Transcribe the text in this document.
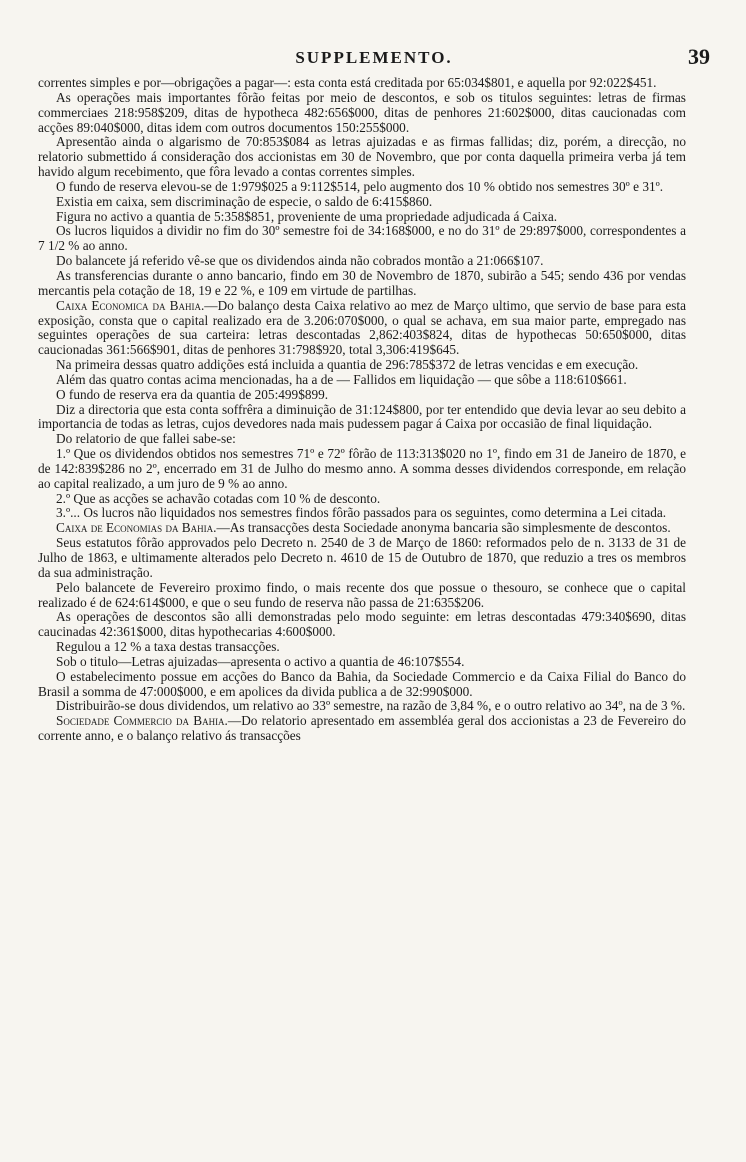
SUPPLEMENTO.	39

correntes simples e por—obrigações a pagar—: esta conta está creditada por 65:034$801, e aquella por 92:022$451.

As operações mais importantes fôrão feitas por meio de descontos, e sob os titulos seguintes: letras de firmas commerciaes 218:958$209, ditas de hypotheca 482:656$000, ditas de penhores 21:602$000, ditas caucionadas com acções 89:040$000, ditas idem com outros documentos 150:255$000.

Apresentão ainda o algarismo de 70:853$084 as letras ajuizadas e as firmas fallidas; diz, porém, a direcção, no relatorio submettido á consideração dos accionistas em 30 de Novembro, que por conta daquella primeira verba já tem havido algum recebimento, que fôra levado a contas correntes simples.

O fundo de reserva elevou-se de 1:979$025 a 9:112$514, pelo augmento dos 10 % obtido nos semestres 30º e 31º.

Existia em caixa, sem discriminação de especie, o saldo de 6:415$860.

Figura no activo a quantia de 5:358$851, proveniente de uma propriedade adjudicada á Caixa.

Os lucros liquidos a dividir no fim do 30º semestre foi de 34:168$000, e no do 31º de 29:897$000, correspondentes a 7 1/2 % ao anno.

Do balancete já referido vê-se que os dividendos ainda não cobrados montão a 21:066$107.

As transferencias durante o anno bancario, findo em 30 de Novembro de 1870, subirão a 545; sendo 436 por vendas mercantis pela cotação de 18, 19 e 22 %, e 109 em virtude de partilhas.

Caixa Economica da Bahia.—Do balanço desta Caixa relativo ao mez de Março ultimo, que servio de base para esta exposição, consta que o capital realizado era de 3.206:070$000, o qual se achava, em sua maior parte, empregado nas seguintes operações de sua carteira: letras descontadas 2,862:403$824, ditas de hypothecas 50:650$000, ditas caucionadas 361:566$901, ditas de penhores 31:798$920, total 3,306:419$645.

Na primeira dessas quatro addições está incluida a quantia de 296:785$372 de letras vencidas e em execução.

Além das quatro contas acima mencionadas, ha a de — Fallidos em liquidação — que sôbe a 118:610$661.

O fundo de reserva era da quantia de 205:499$899.

Diz a directoria que esta conta soffrêra a diminuição de 31:124$800, por ter entendido que devia levar ao seu debito a importancia de todas as letras, cujos devedores nada mais pudessem pagar á Caixa por occasião de final liquidação.

Do relatorio de que fallei sabe-se:

1.º Que os dividendos obtidos nos semestres 71º e 72º fôrão de 113:313$020 no 1º, findo em 31 de Janeiro de 1870, e de 142:839$286 no 2º, encerrado em 31 de Julho do mesmo anno. A somma desses dividendos corresponde, em relação ao capital realizado, a um juro de 9 % ao anno.

2.º Que as acções se achavão cotadas com 10 % de desconto.

3.º... Os lucros não liquidados nos semestres findos fôrão passados para os seguintes, como determina a Lei citada.

Caixa de Economias da Bahia.—As transacções desta Sociedade anonyma bancaria são simplesmente de descontos.

Seus estatutos fôrão approvados pelo Decreto n. 2540 de 3 de Março de 1860: reformados pelo de n. 3133 de 31 de Julho de 1863, e ultimamente alterados pelo Decreto n. 4610 de 15 de Outubro de 1870, que reduzio a tres os membros da sua administração.

Pelo balancete de Fevereiro proximo findo, o mais recente dos que possue o thesouro, se conhece que o capital realizado é de 624:614$000, e que o seu fundo de reserva não passa de 21:635$206.

As operações de descontos são alli demonstradas pelo modo seguinte: em letras descontadas 479:340$690, ditas caucinadas 42:361$000, ditas hypothecarias 4:600$000.

Regulou a 12 % a taxa destas transacções.

Sob o titulo—Letras ajuizadas—apresenta o activo a quantia de 46:107$554.

O estabelecimento possue em acções do Banco da Bahia, da Sociedade Commercio e da Caixa Filial do Banco do Brasil a somma de 47:000$000, e em apolices da divida publica a de 32:990$000.

Distribuirão-se dous dividendos, um relativo ao 33º semestre, na razão de 3,84 %, e o outro relativo ao 34º, na de 3 %.

Sociedade Commercio da Bahia.—Do relatorio apresentado em assembléa geral dos accionistas a 23 de Fevereiro do corrente anno, e o balanço relativo ás transacções
